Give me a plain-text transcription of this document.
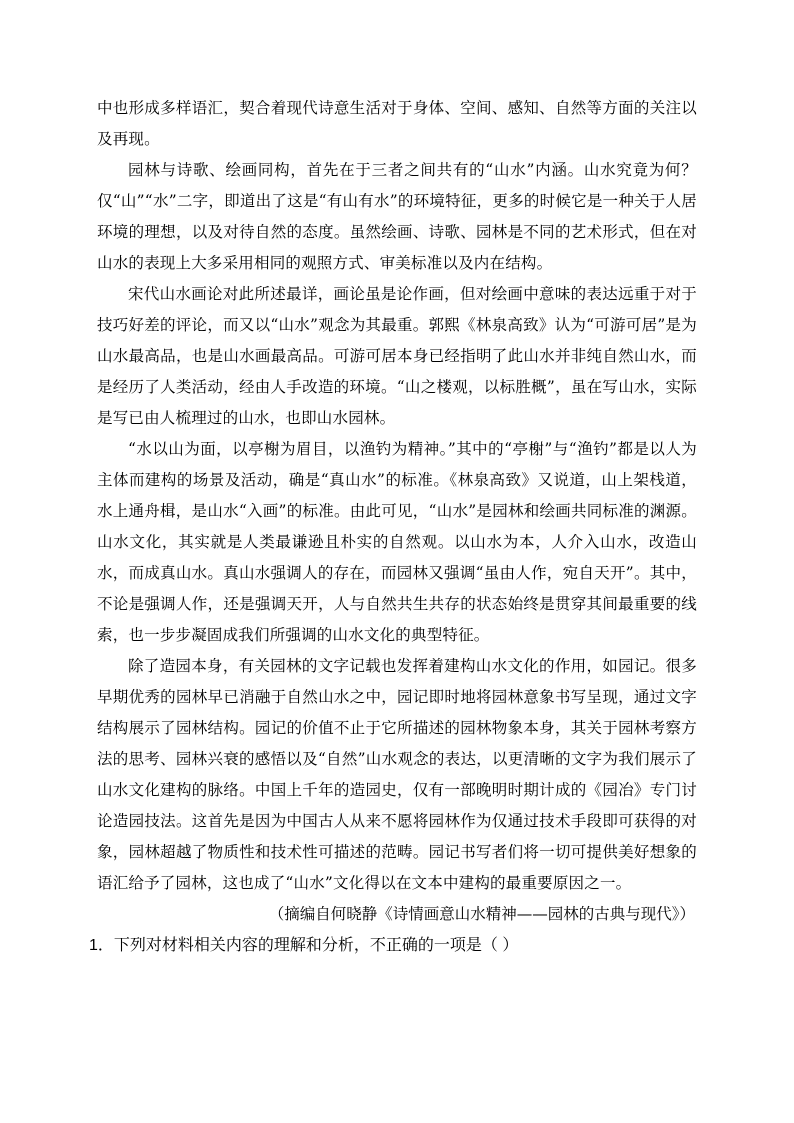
中也形成多样语汇，契合着现代诗意生活对于身体、空间、感知、自然等方面的关注以及再现。

园林与诗歌、绘画同构，首先在于三者之间共有的“山水”内涵。山水究竟为何？仅“山”“水”二字，即道出了这是“有山有水”的环境特征，更多的时候它是一种关于人居环境的理想，以及对待自然的态度。虽然绘画、诗歌、园林是不同的艺术形式，但在对山水的表现上大多采用相同的观照方式、审美标准以及内在结构。

宋代山水画论对此所述最详，画论虽是论作画，但对绘画中意味的表达远重于对于技巧好差的评论，而又以“山水”观念为其最重。郭熙《林泉高致》认为“可游可居”是为山水最高品，也是山水画最高品。可游可居本身已经指明了此山水并非纯自然山水，而是经历了人类活动，经由人手改造的环境。“山之楼观，以标胜概”，虽在写山水，实际是写已由人梳理过的山水，也即山水园林。

“水以山为面，以亭榭为眉目，以渔钓为精神。”其中的“亭榭”与“渔钓”都是以人为主体而建构的场景及活动，确是“真山水”的标准。《林泉高致》又说道，山上架栈道，水上通舟楫，是山水“入画”的标准。由此可见，“山水”是园林和绘画共同标准的渊源。山水文化，其实就是人类最谦逊且朴实的自然观。以山水为本，人介入山水，改造山水，而成真山水。真山水强调人的存在，而园林又强调“虽由人作，宛自天开”。其中，不论是强调人作，还是强调天开，人与自然共生共存的状态始终是贯穿其间最重要的线索，也一步步凝固成我们所强调的山水文化的典型特征。

除了造园本身，有关园林的文字记载也发挥着建构山水文化的作用，如园记。很多早期优秀的园林早已消融于自然山水之中，园记即时地将园林意象书写呈现，通过文字结构展示了园林结构。园记的价值不止于它所描述的园林物象本身，其关于园林考察方法的思考、园林兴衰的感悟以及“自然”山水观念的表达，以更清晰的文字为我们展示了山水文化建构的脉络。中国上千年的造园史，仅有一部晚明时期计成的《园冶》专门讨论造园技法。这首先是因为中国古人从来不愿将园林作为仅通过技术手段即可获得的对象，园林超越了物质性和技术性可描述的范畴。园记书写者们将一切可提供美好想象的语汇给予了园林，这也成了“山水”文化得以在文本中建构的最重要原因之一。

（摘编自何晓静《诗情画意山水精神——园林的古典与现代》）

1．下列对材料相关内容的理解和分析，不正确的一项是（ ）
